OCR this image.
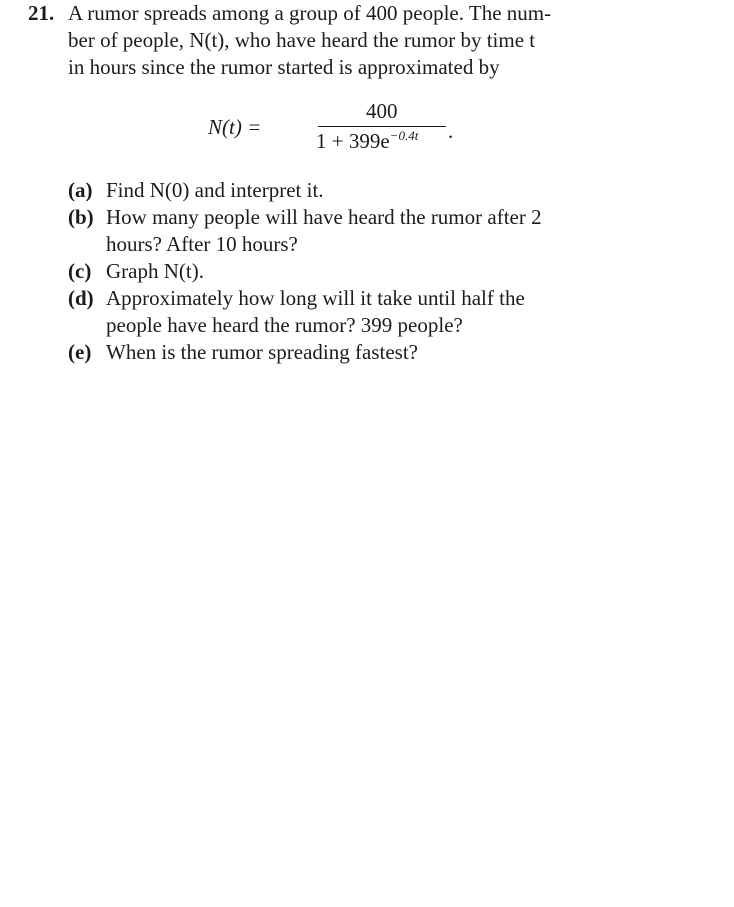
21. A rumor spreads among a group of 400 people. The num-
ber of people, N(t), who have heard the rumor by time t
in hours since the rumor started is approximated by
N(t) =
400
$1 + 399e^{-0.4t}$ .
(a) Find N(0) and interpret it.
(b) How many people will have heard the rumor after 2
hours? After 10 hours?
(c) Graph N(t).
(d) Approximately how long will it take until half the
people have heard the rumor? 399 people?
(e) When is the rumor spreading fastest?
